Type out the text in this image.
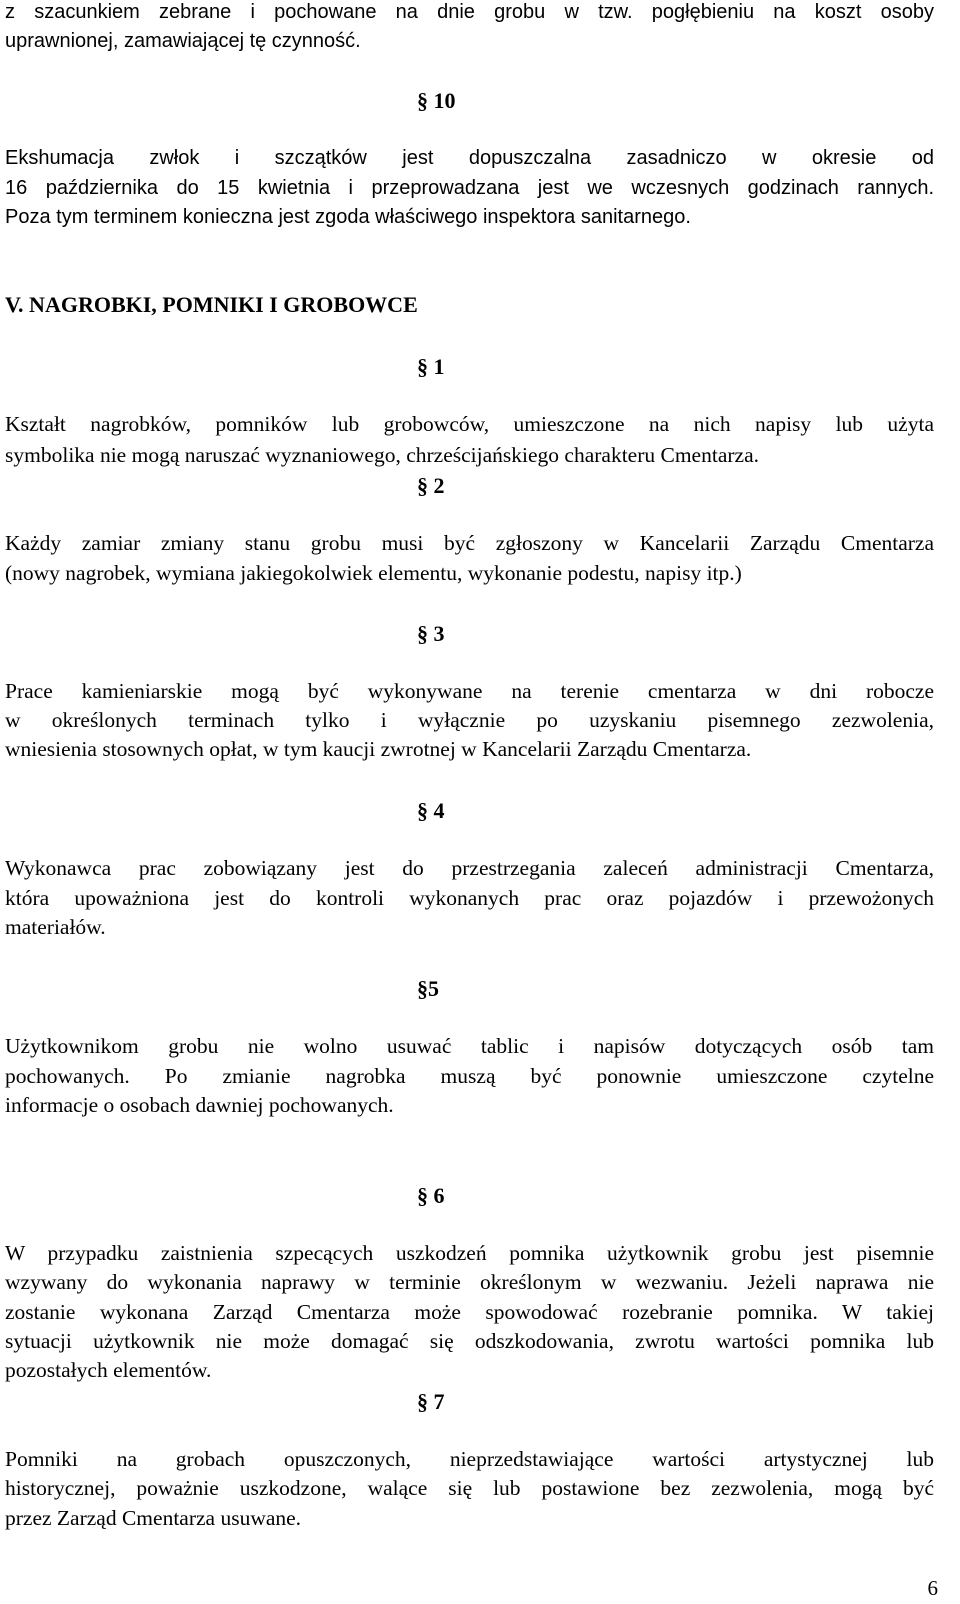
z szacunkiem zebrane i pochowane na dnie grobu w tzw. pogłębieniu na koszt osoby
uprawnionej, zamawiającej tę czynność.
§ 10
Ekshumacja zwłok i szczątków jest dopuszczalna zasadniczo w okresie od
16 października do 15 kwietnia i przeprowadzana jest we wczesnych godzinach rannych.
Poza tym terminem konieczna jest zgoda właściwego inspektora sanitarnego.
V. NAGROBKI, POMNIKI I GROBOWCE
§ 1
Kształt nagrobków, pomników lub grobowców, umieszczone na nich napisy lub użyta
symbolika nie mogą naruszać wyznaniowego, chrześcijańskiego charakteru Cmentarza.
§ 2
Każdy zamiar zmiany stanu grobu musi być zgłoszony w Kancelarii Zarządu Cmentarza
(nowy nagrobek, wymiana jakiegokolwiek elementu, wykonanie podestu, napisy itp.)
§ 3
Prace kamieniarskie mogą być wykonywane na terenie cmentarza w dni robocze
w określonych terminach tylko i wyłącznie po uzyskaniu pisemnego zezwolenia,
wniesienia stosownych opłat, w tym kaucji zwrotnej w Kancelarii Zarządu Cmentarza.
§ 4
Wykonawca prac zobowiązany jest do przestrzegania zaleceń administracji Cmentarza,
która upoważniona jest do kontroli wykonanych prac oraz pojazdów i przewożonych
materiałów.
§5
Użytkownikom grobu nie wolno usuwać tablic i napisów dotyczących osób tam
pochowanych. Po zmianie nagrobka muszą być ponownie umieszczone czytelne
informacje o osobach dawniej pochowanych.
§ 6
W przypadku zaistnienia szpecących uszkodzeń pomnika użytkownik grobu jest pisemnie
wzywany do wykonania naprawy w terminie określonym w wezwaniu. Jeżeli naprawa nie
zostanie wykonana Zarząd Cmentarza może spowodować rozebranie pomnika. W takiej
sytuacji użytkownik nie może domagać się odszkodowania, zwrotu wartości pomnika lub
pozostałych elementów.
§ 7
Pomniki na grobach opuszczonych, nieprzedstawiające wartości artystycznej lub
historycznej, poważnie uszkodzone, walące się lub postawione bez zezwolenia, mogą być
przez Zarząd Cmentarza usuwane.
6
